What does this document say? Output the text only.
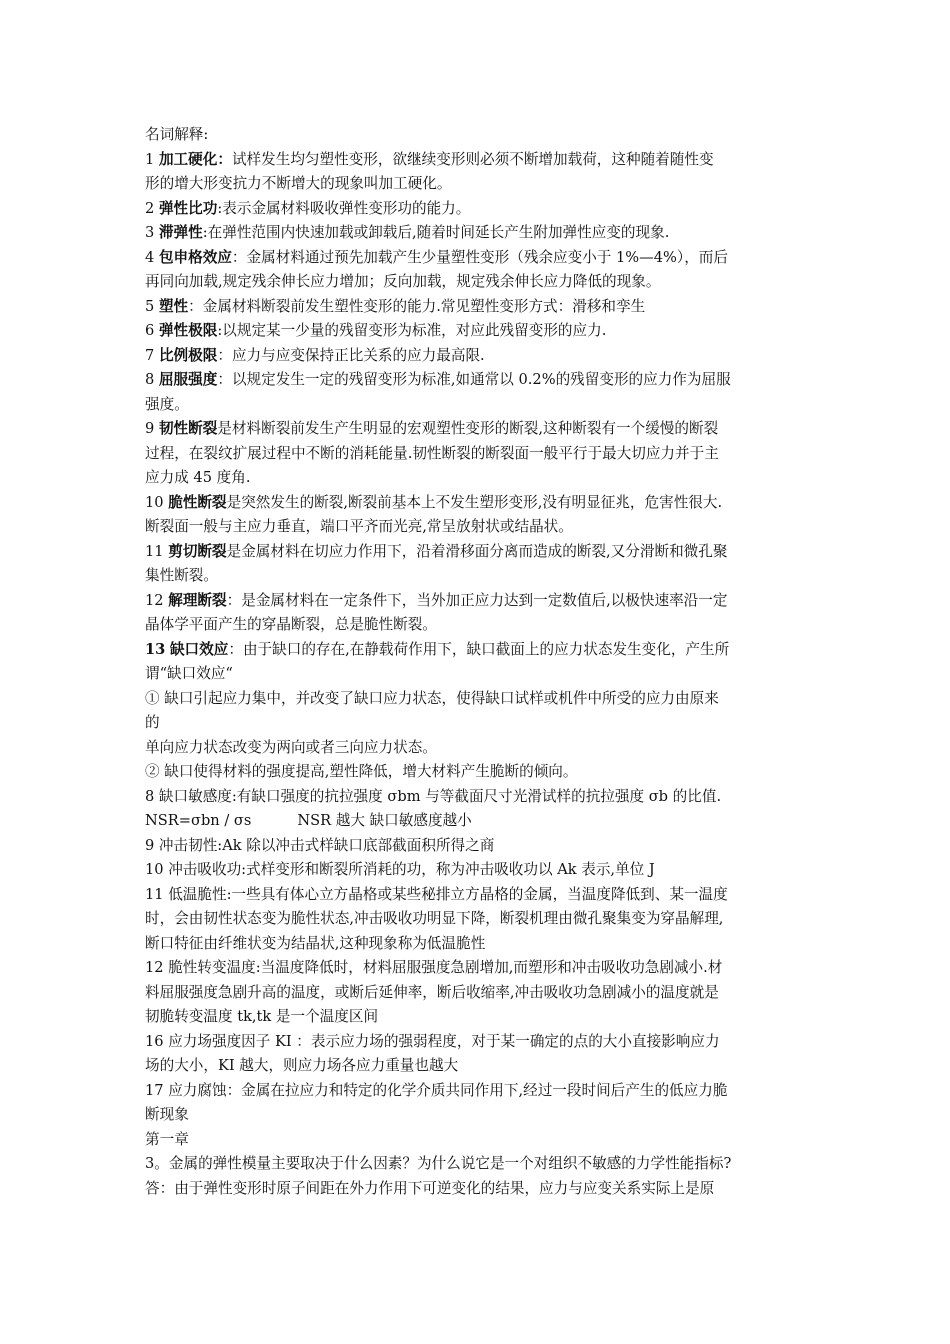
名词解释:
1 加工硬化：试样发生均匀塑性变形，欲继续变形则必须不断增加载荷，这种随着随性变
形的增大形变抗力不断增大的现象叫加工硬化。
2 弹性比功:表示金属材料吸收弹性变形功的能力。
3 滞弹性:在弹性范围内快速加载或卸载后,随着时间延长产生附加弹性应变的现象.
4 包申格效应：金属材料通过预先加载产生少量塑性变形（残余应变小于 1%—4%），而后
再同向加载,规定残余伸长应力增加；反向加载，规定残余伸长应力降低的现象。
5 塑性：金属材料断裂前发生塑性变形的能力.常见塑性变形方式：滑移和孪生
6 弹性极限:以规定某一少量的残留变形为标准，对应此残留变形的应力.
7 比例极限：应力与应变保持正比关系的应力最高限.
8 屈服强度：以规定发生一定的残留变形为标准,如通常以 0.2%的残留变形的应力作为屈服
强度。
9 韧性断裂是材料断裂前发生产生明显的宏观塑性变形的断裂,这种断裂有一个缓慢的断裂
过程，在裂纹扩展过程中不断的消耗能量.韧性断裂的断裂面一般平行于最大切应力并于主
应力成 45 度角.
10 脆性断裂是突然发生的断裂,断裂前基本上不发生塑形变形,没有明显征兆，危害性很大.
断裂面一般与主应力垂直，端口平齐而光亮,常呈放射状或结晶状。
11 剪切断裂是金属材料在切应力作用下，沿着滑移面分离而造成的断裂,又分滑断和微孔聚
集性断裂。
12 解理断裂：是金属材料在一定条件下，当外加正应力达到一定数值后,以极快速率沿一定
晶体学平面产生的穿晶断裂，总是脆性断裂。
13 缺口效应：由于缺口的存在,在静载荷作用下，缺口截面上的应力状态发生变化，产生所
谓“缺口效应“
① 缺口引起应力集中，并改变了缺口应力状态，使得缺口试样或机件中所受的应力由原来
的
单向应力状态改变为两向或者三向应力状态。
② 缺口使得材料的强度提高,塑性降低，增大材料产生脆断的倾向。
8 缺口敏感度:有缺口强度的抗拉强度 σbm 与等截面尺寸光滑试样的抗拉强度 σb 的比值.
NSR=σbn / σs	NSR 越大 缺口敏感度越小
9 冲击韧性:Ak 除以冲击式样缺口底部截面积所得之商
10 冲击吸收功:式样变形和断裂所消耗的功，称为冲击吸收功以 Ak 表示,单位 J
11 低温脆性:一些具有体心立方晶格或某些秘排立方晶格的金属，当温度降低到、某一温度
时，会由韧性状态变为脆性状态,冲击吸收功明显下降，断裂机理由微孔聚集变为穿晶解理,
断口特征由纤维状变为结晶状,这种现象称为低温脆性
12 脆性转变温度:当温度降低时，材料屈服强度急剧增加,而塑形和冲击吸收功急剧减小.材
料屈服强度急剧升高的温度，或断后延伸率，断后收缩率,冲击吸收功急剧减小的温度就是
韧脆转变温度 tk,tk 是一个温度区间
16 应力场强度因子 KI ：表示应力场的强弱程度，对于某一确定的点的大小直接影响应力
场的大小，KI 越大，则应力场各应力重量也越大
17 应力腐蚀：金属在拉应力和特定的化学介质共同作用下,经过一段时间后产生的低应力脆
断现象
第一章
3。金属的弹性模量主要取决于什么因素？为什么说它是一个对组织不敏感的力学性能指标?
答：由于弹性变形时原子间距在外力作用下可逆变化的结果，应力与应变关系实际上是原
